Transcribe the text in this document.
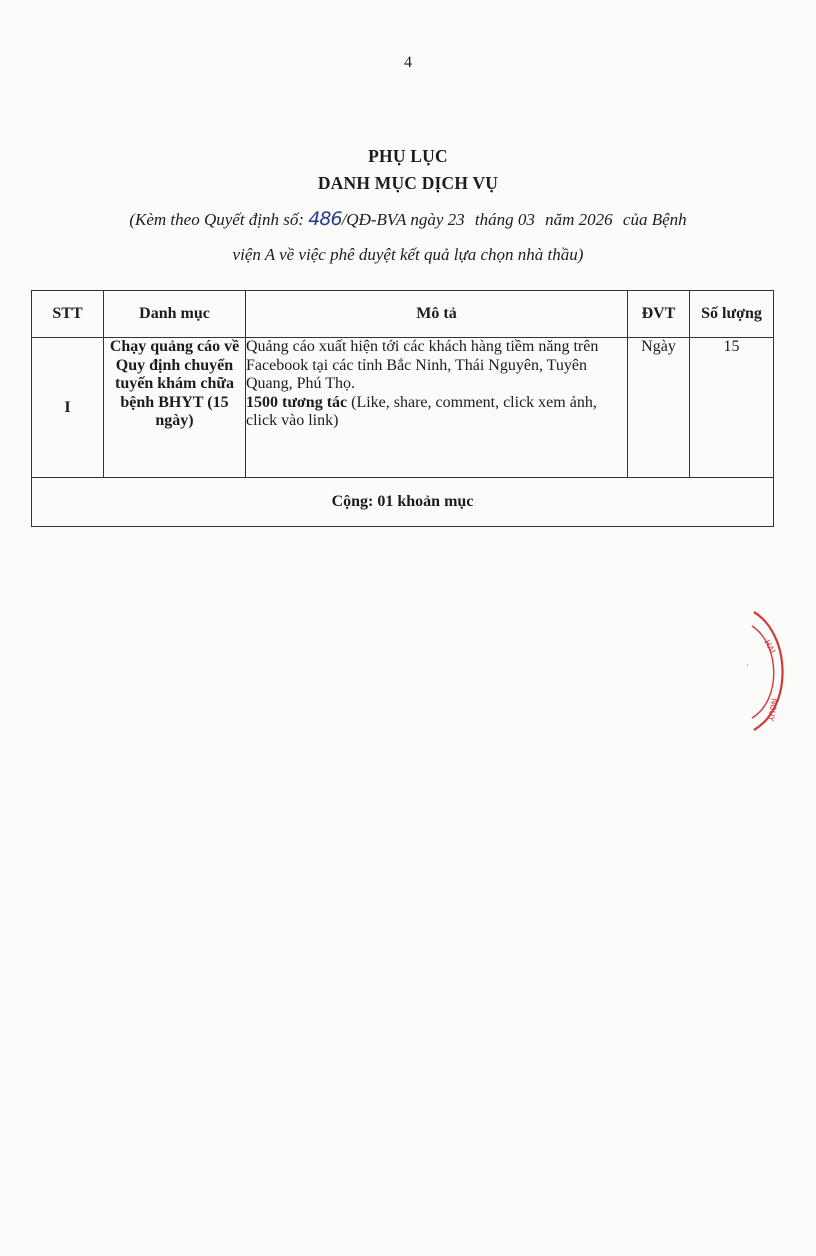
4
PHỤ LỤC
DANH MỤC DỊCH VỤ
(Kèm theo Quyết định số: 486/QĐ-BVA ngày 23 tháng 03 năm 2026 của Bệnh
viện A về việc phê duyệt kết quả lựa chọn nhà thầu)
STT	Danh mục	Mô tả	ĐVT	Số lượng
I	Chạy quảng cáo về Quy định chuyển tuyến khám chữa bệnh BHYT (15 ngày)	Quảng cáo xuất hiện tới các khách hàng tiềm năng trên Facebook tại các tỉnh Bắc Ninh, Thái Nguyên, Tuyên Quang, Phú Thọ.
1500 tương tác (Like, share, comment, click xem ảnh, click vào link)	Ngày	15
Cộng: 01 khoản mục				
HAI
NGUY
·
